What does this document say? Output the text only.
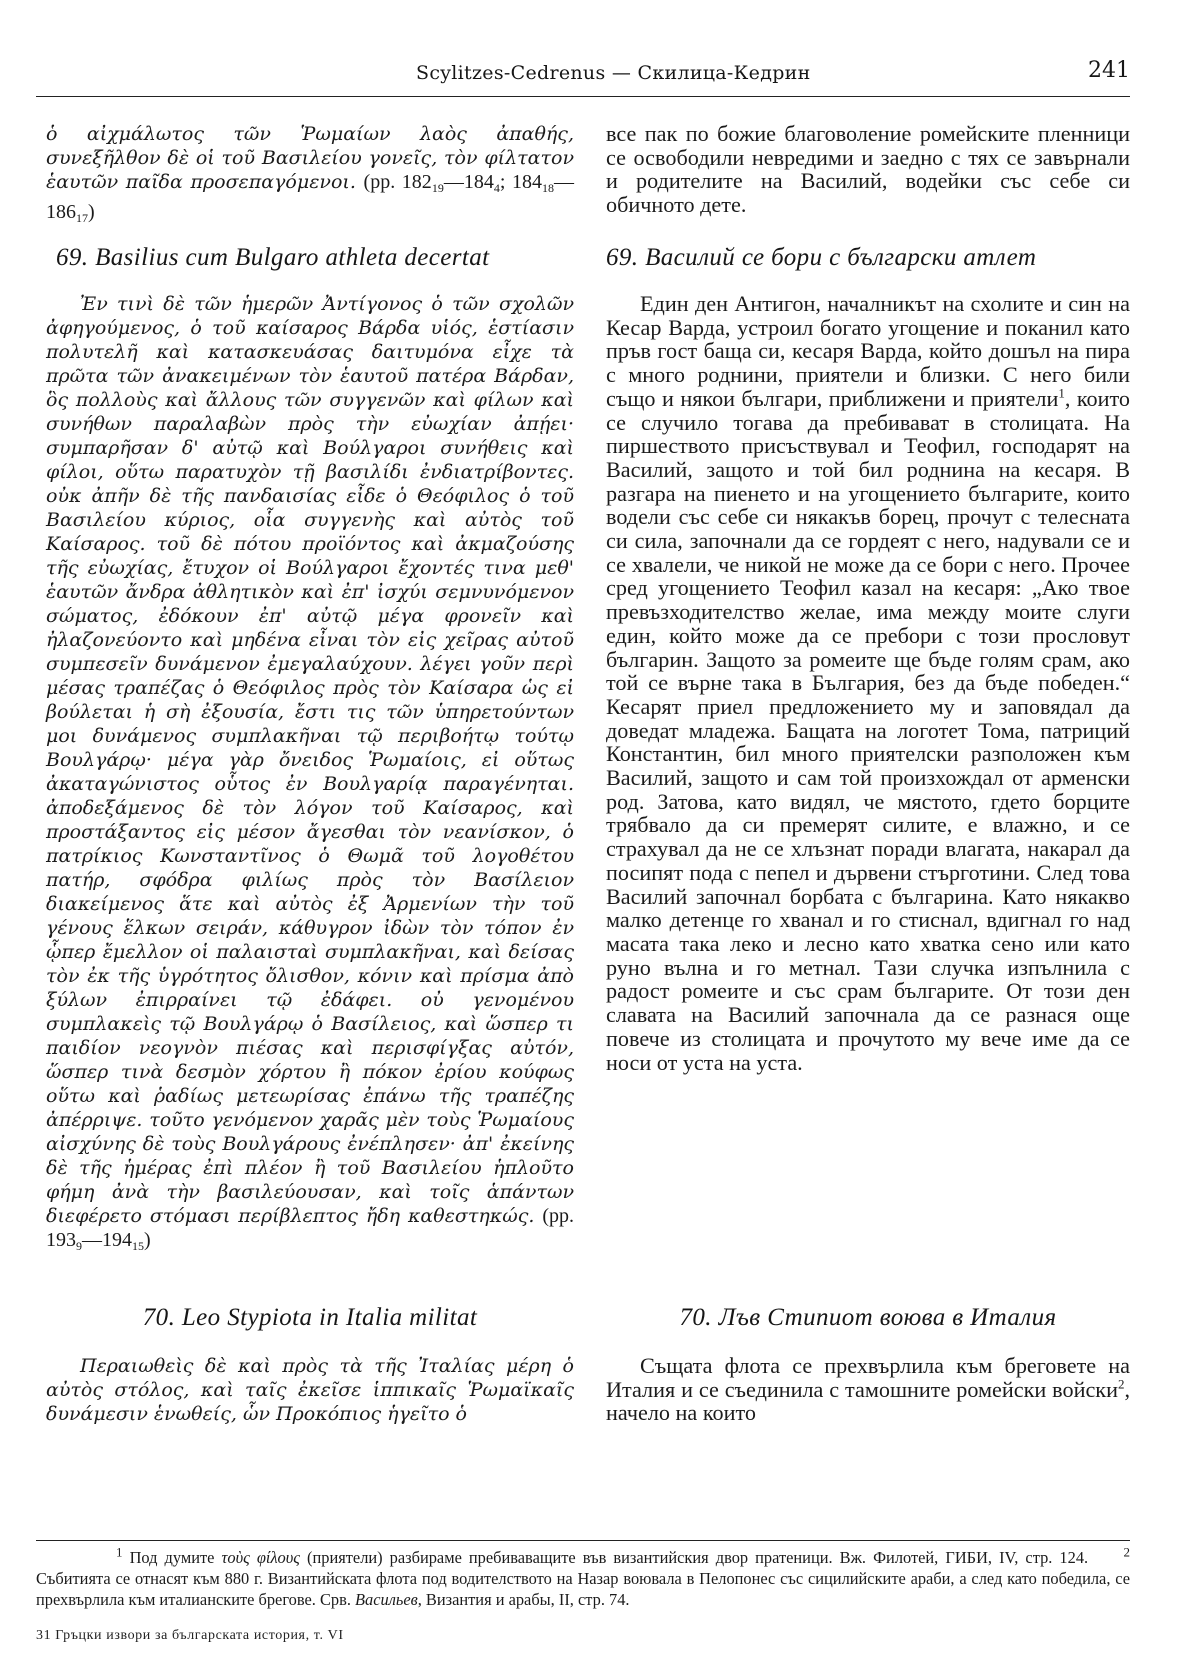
Scylitzes-Cedrenus — Скилица-Кедрин	241
ὁ αἰχμάλωτος τῶν Ῥωμαίων λαὸς ἀπαθής, συνεξῆλθον δὲ οἱ τοῦ Βασιλείου γονεῖς, τὸν φίλτατον ἑαυτῶν παῖδα προσεπαγόμενοι. (pp. $182_{19}—184_4$; $184_{18}—186_{17}$)
все пак по божие благоволение ромейските пленници се освободили невредими и заедно с тях се завърнали и родителите на Василий, водейки със себе си обичното дете.
69. Basilius cum Bulgaro athleta decertat	69. Василий се бори с български атлет
Ἐν τινὶ δὲ τῶν ἡμερῶν Ἀντίγονος ὁ τῶν σχολῶν ἀφηγούμενος, ὁ τοῦ καίσαρος Βάρδα υἱός, ἑστίασιν πολυτελῆ καὶ κατασκευάσας δαιτυμόνα εἶχε τὰ πρῶτα τῶν ἀνακειμένων τὸν ἑαυτοῦ πατέρα Βάρδαν, ὃς πολλοὺς καὶ ἄλλους τῶν συγγενῶν καὶ φίλων καὶ συνήθων παραλαβὼν πρὸς τὴν εὐωχίαν ἀπῄει· συμπαρῆσαν δ' αὐτῷ καὶ Βούλγαροι συνήθεις καὶ φίλοι, οὕτω παρατυχὸν τῇ βασιλίδι ἐνδιατρίβοντες. οὐκ ἀπῆν δὲ τῆς πανδαισίας εἶδε ὁ Θεόφιλος ὁ τοῦ Βασιλείου κύριος, οἷα συγγενὴς καὶ αὐτὸς τοῦ Καίσαρος. τοῦ δὲ πότου προϊόντος καὶ ἀκμαζούσης τῆς εὐωχίας, ἔτυχον οἱ Βούλγαροι ἔχοντές τινα μεθ' ἑαυτῶν ἄνδρα ἀθλητικὸν καὶ ἐπ' ἰσχύι σεμνυνόμενον σώματος, ἐδόκουν ἐπ' αὐτῷ μέγα φρονεῖν καὶ ἠλαζονεύοντο καὶ μηδένα εἶναι τὸν εἰς χεῖρας αὐτοῦ συμπεσεῖν δυνάμενον ἐμεγαλαύχουν. λέγει γοῦν περὶ μέσας τραπέζας ὁ Θεόφιλος πρὸς τὸν Καίσαρα ὡς εἰ βούλεται ἡ σὴ ἐξουσία, ἔστι τις τῶν ὑπηρετούντων μοι δυνάμενος συμπλακῆναι τῷ περιβοήτῳ τούτῳ Βουλγάρῳ· μέγα γὰρ ὄνειδος Ῥωμαίοις, εἰ οὕτως ἀκαταγώνιστος οὗτος ἐν Βουλγαρίᾳ παραγένηται. ἀποδεξάμενος δὲ τὸν λόγον τοῦ Καίσαρος, καὶ προστάξαντος εἰς μέσον ἄγεσθαι τὸν νεανίσκον, ὁ πατρίκιος Κωνσταντῖνος ὁ Θωμᾶ τοῦ λογοθέτου πατήρ, σφόδρα φιλίως πρὸς τὸν Βασίλειον διακείμενος ἅτε καὶ αὐτὸς ἐξ Ἀρμενίων τὴν τοῦ γένους ἕλκων σειράν, κάθυγρον ἰδὼν τὸν τόπον ἐν ᾧπερ ἔμελλον οἱ παλαισταὶ συμπλακῆναι, καὶ δείσας τὸν ἐκ τῆς ὑγρότητος ὄλισθον, κόνιν καὶ πρίσμα ἀπὸ ξύλων ἐπιρραίνει τῷ ἐδάφει. οὐ γενομένου συμπλακεὶς τῷ Βουλγάρῳ ὁ Βασίλειος, καὶ ὥσπερ τι παιδίον νεογνὸν πιέσας καὶ περισφίγξας αὐτόν, ὥσπερ τινὰ δεσμὸν χόρτου ἢ πόκον ἐρίου κούφως οὕτω καὶ ῥαδίως μετεωρίσας ἐπάνω τῆς τραπέζης ἀπέρριψε. τοῦτο γενόμενον χαρᾶς μὲν τοὺς Ῥωμαίους αἰσχύνης δὲ τοὺς Βουλγάρους ἐνέπλησεν· ἀπ' ἐκείνης δὲ τῆς ἡμέρας ἐπὶ πλέον ἢ τοῦ Βασιλείου ἡπλοῦτο φήμη ἀνὰ τὴν βασιλεύουσαν, καὶ τοῖς ἁπάντων διεφέρετο στόμασι περίβλεπτος ἤδη καθεστηκώς. (pp. $193_9—194_{15}$)
Един ден Антигон, началникът на схолите и син на Кесар Варда, устроил богато угощение и поканил като пръв гост баща си, кесаря Варда, който дошъл на пира с много роднини, приятели и близки. С него били също и някои българи, приближени и приятели$^1$, които се случило тогава да пребивават в столицата. На пиршеството присъствувал и Теофил, господарят на Василий, защото и той бил роднина на кесаря. В разгара на пиенето и на угощението българите, които водели със себе си някакъв борец, прочут с телесната си сила, започнали да се гордеят с него, надували се и се хвалели, че никой не може да се бори с него. Прочее сред угощението Теофил казал на кесаря: „Ако твое превъзходителство желае, има между моите слуги един, който може да се пребори с този прословут българин. Защото за ромеите ще бъде голям срам, ако той се върне така в България, без да бъде победен.“ Кесарят приел предложението му и заповядал да доведат младежа. Бащата на логотет Тома, патриций Константин, бил много приятелски разположен към Василий, защото и сам той произхождал от арменски род. Затова, като видял, че мястото, гдето борците трябвало да си премерят силите, е влажно, и се страхувал да не се хлъзнат поради влагата, накарал да посипят пода с пепел и дървени стърготини. След това Василий започнал борбата с българина. Като някакво малко детенце го хванал и го стиснал, вдигнал го над масата така леко и лесно като хватка сено или като руно вълна и го метнал. Тази случка изпълнила с радост ромеите и със срам българите. От този ден славата на Василий започнала да се разнася още повече из столицата и прочутото му вече име да се носи от уста на уста.
70. Leo Stypiota in Italia militat	70. Лъв Стипиот воюва в Италия
Περαιωθεὶς δὲ καὶ πρὸς τὰ τῆς Ἰταλίας μέρη ὁ αὐτὸς στόλος, καὶ ταῖς ἐκεῖσε ἱππικαῖς Ῥωμαϊκαῖς δυνάμεσιν ἑνωθείς, ὧν Προκόπιος ἡγεῖτο ὁ
Същата флота се прехвърлила към бреговете на Италия и се съединила с тамошните ромейски войски$^2$, начело на които

$^1$ Под думите τοὺς φίλους (приятели) разбираме пребиваващите във византийския двор пратеници. Вж. Филотей, ГИБИ, IV, стр. 124.	$^2$ Събитията се отнасят към 880 г. Византийската флота под водителството на Назар воювала в Пелопонес със сицилийските араби, а след като победила, се прехвърлила към италианските брегове. Срв. Васильев, Византия и арабы, II, стр. 74.

31 Гръцки извори за българската история, т. VI
